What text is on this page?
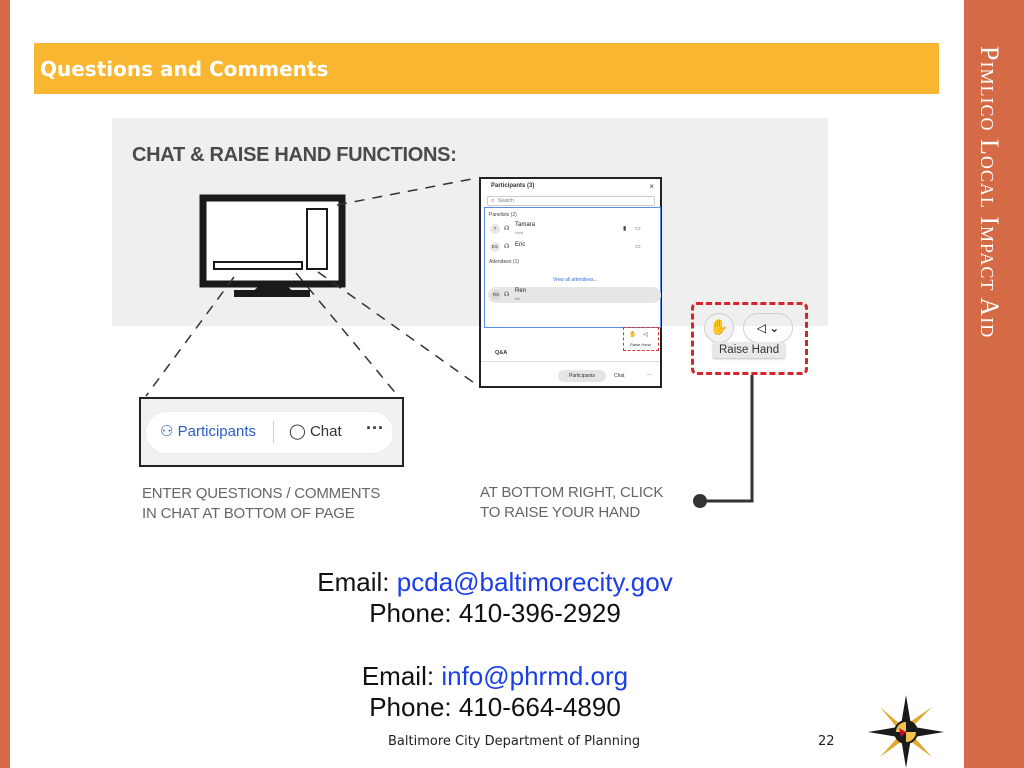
Pimlico Local Impact Aid
Questions and Comments
CHAT & RAISE HAND FUNCTIONS:
Participants (3)	×
⌕ Search
Panelists (2)
T	☊
Tamara
Host
▮ ▭
ES	☊ Eric	▭
Attendees (1)
View all attendees...
RS ☊
Ren
Me
✋ ◁
Raise Hand
Q&A
Participants	Chat	···
⚇ Participants ◯ Chat ···
✋	◁ ⌄
Raise Hand
ENTER QUESTIONS / COMMENTS
IN CHAT AT BOTTOM OF PAGE
AT BOTTOM RIGHT, CLICK
TO RAISE YOUR HAND
Email: pcda@baltimorecity.gov
Phone: 410-396-2929
Email: info@phrmd.org
Phone: 410-664-4890
Baltimore City Department of Planning	22
